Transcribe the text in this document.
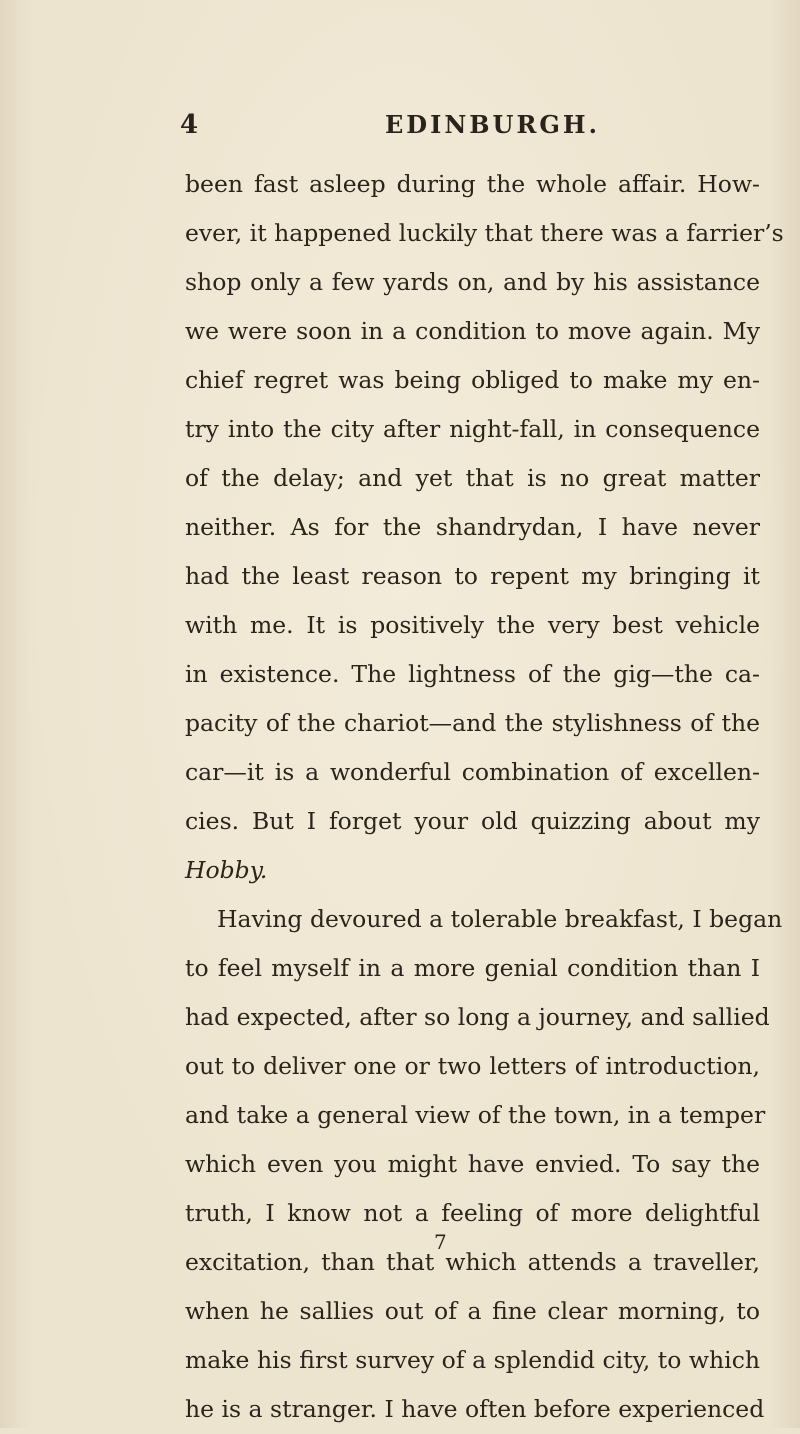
4	EDINBURGH.
been fast asleep during the whole affair. How-
ever, it happened luckily that there was a farrier’s
shop only a few yards on, and by his assistance
we were soon in a condition to move again. My
chief regret was being obliged to make my en-
try into the city after night-fall, in consequence
of the delay; and yet that is no great matter
neither. As for the shandrydan, I have never
had the least reason to repent my bringing it
with me. It is positively the very best vehicle
in existence. The lightness of the gig—the ca-
pacity of the chariot—and the stylishness of the
car—it is a wonderful combination of excellen-
cies. But I forget your old quizzing about my
Hobby.
Having devoured a tolerable breakfast, I began
to feel myself in a more genial condition than I
had expected, after so long a journey, and sallied
out to deliver one or two letters of introduction,
and take a general view of the town, in a temper
which even you might have envied. To say the
truth, I know not a feeling of more delightful
excitation, than that which attends a traveller,
when he sallies out of a fine clear morning, to
make his first survey of a splendid city, to which
he is a stranger. I have often before experienced
7
